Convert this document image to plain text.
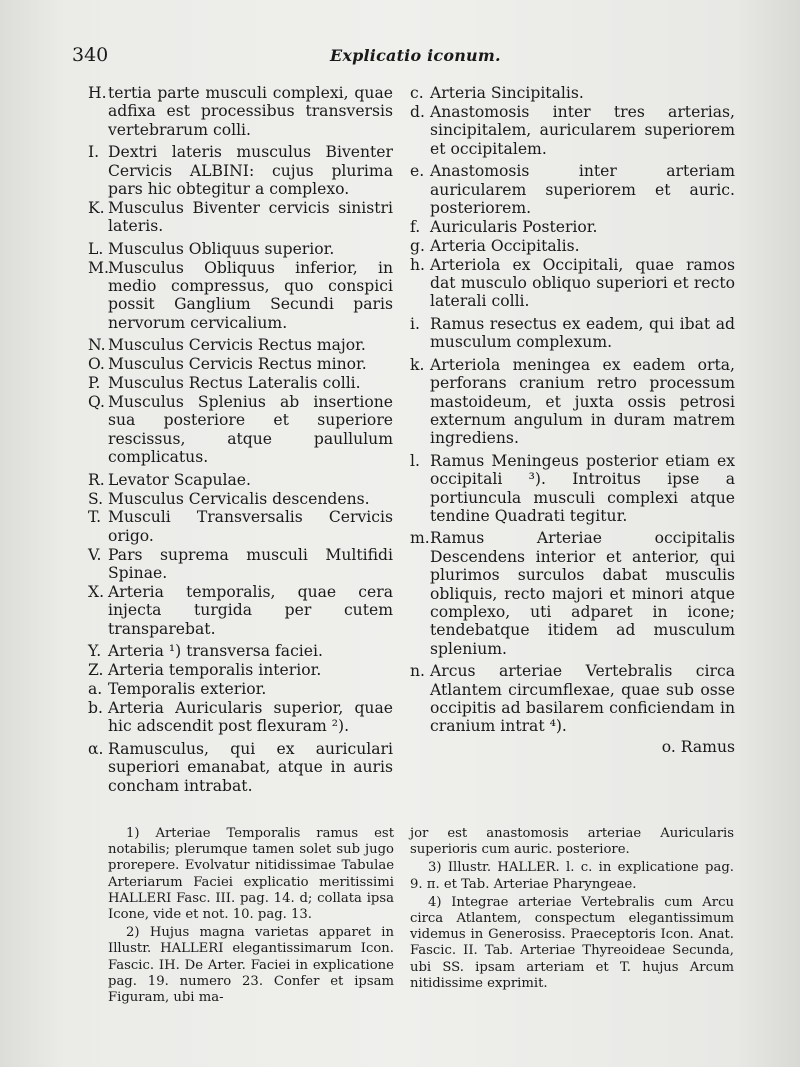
340	Explicatio iconum.
H. tertia parte musculi complexi, quae adfixa est processibus transversis vertebrarum colli.
I. Dextri lateris musculus Biventer Cervicis ALBINI: cujus plurima pars hic obtegitur a complexo.
K. Musculus Biventer cervicis sinistri lateris.
L. Musculus Obliquus superior.
M. Musculus Obliquus inferior, in medio compressus, quo conspici possit Ganglium Secundi paris nervorum cervicalium.
N. Musculus Cervicis Rectus major.
O. Musculus Cervicis Rectus minor.
P. Musculus Rectus Lateralis colli.
Q. Musculus Splenius ab insertione sua posteriore et superiore rescissus, atque paullulum complicatus.
R. Levator Scapulae.
S. Musculus Cervicalis descendens.
T. Musculi Transversalis Cervicis origo.
V. Pars suprema musculi Multifidi Spinae.
X. Arteria temporalis, quae cera injecta turgida per cutem transparebat.
Y. Arteria ¹) transversa faciei.
Z. Arteria temporalis interior.
a. Temporalis exterior.
b. Arteria Auricularis superior, quae hic adscendit post flexuram ²).
α. Ramusculus, qui ex auriculari superiori emanabat, atque in auris concham intrabat.
c. Arteria Sincipitalis.
d. Anastomosis inter tres arterias, sincipitalem, auricularem superiorem et occipitalem.
e. Anastomosis inter arteriam auricularem superiorem et auric. posteriorem.
f. Auricularis Posterior.
g. Arteria Occipitalis.
h. Arteriola ex Occipitali, quae ramos dat musculo obliquo superiori et recto laterali colli.
i. Ramus resectus ex eadem, qui ibat ad musculum complexum.
k. Arteriola meningea ex eadem orta, perforans cranium retro processum mastoideum, et juxta ossis petrosi externum angulum in duram matrem ingrediens.
l. Ramus Meningeus posterior etiam ex occipitali ³). Introitus ipse a portiuncula musculi complexi atque tendine Quadrati tegitur.
m. Ramus Arteriae occipitalis Descendens interior et anterior, qui plurimos surculos dabat musculis obliquis, recto majori et minori atque complexo, uti adparet in icone; tendebatque itidem ad musculum splenium.
n. Arcus arteriae Vertebralis circa Atlantem circumflexae, quae sub osse occipitis ad basilarem conficiendam in cranium intrat ⁴).
o. Ramus

1) Arteriae Temporalis ramus est notabilis; plerumque tamen solet sub jugo prorepere. Evolvatur nitidissimae Tabulae Arteriarum Faciei explicatio meritissimi HALLERI Fasc. III. pag. 14. d; collata ipsa Icone, vide et not. 10. pag. 13.

2) Hujus magna varietas apparet in Illustr. HALLERI elegantissimarum Icon. Fascic. IH. De Arter. Faciei in explicatione pag. 19. numero 23. Confer et ipsam Figuram, ubi ma-

jor est anastomosis arteriae Auricularis superioris cum auric. posteriore.

3) Illustr. HALLER. l. c. in explicatione pag. 9. π. et Tab. Arteriae Pharyngeae.

4) Integrae arteriae Vertebralis cum Arcu circa Atlantem, conspectum elegantissimum videmus in Generosiss. Praeceptoris Icon. Anat. Fascic. II. Tab. Arteriae Thyreoideae Secunda, ubi SS. ipsam arteriam et T. hujus Arcum nitidissime exprimit.
